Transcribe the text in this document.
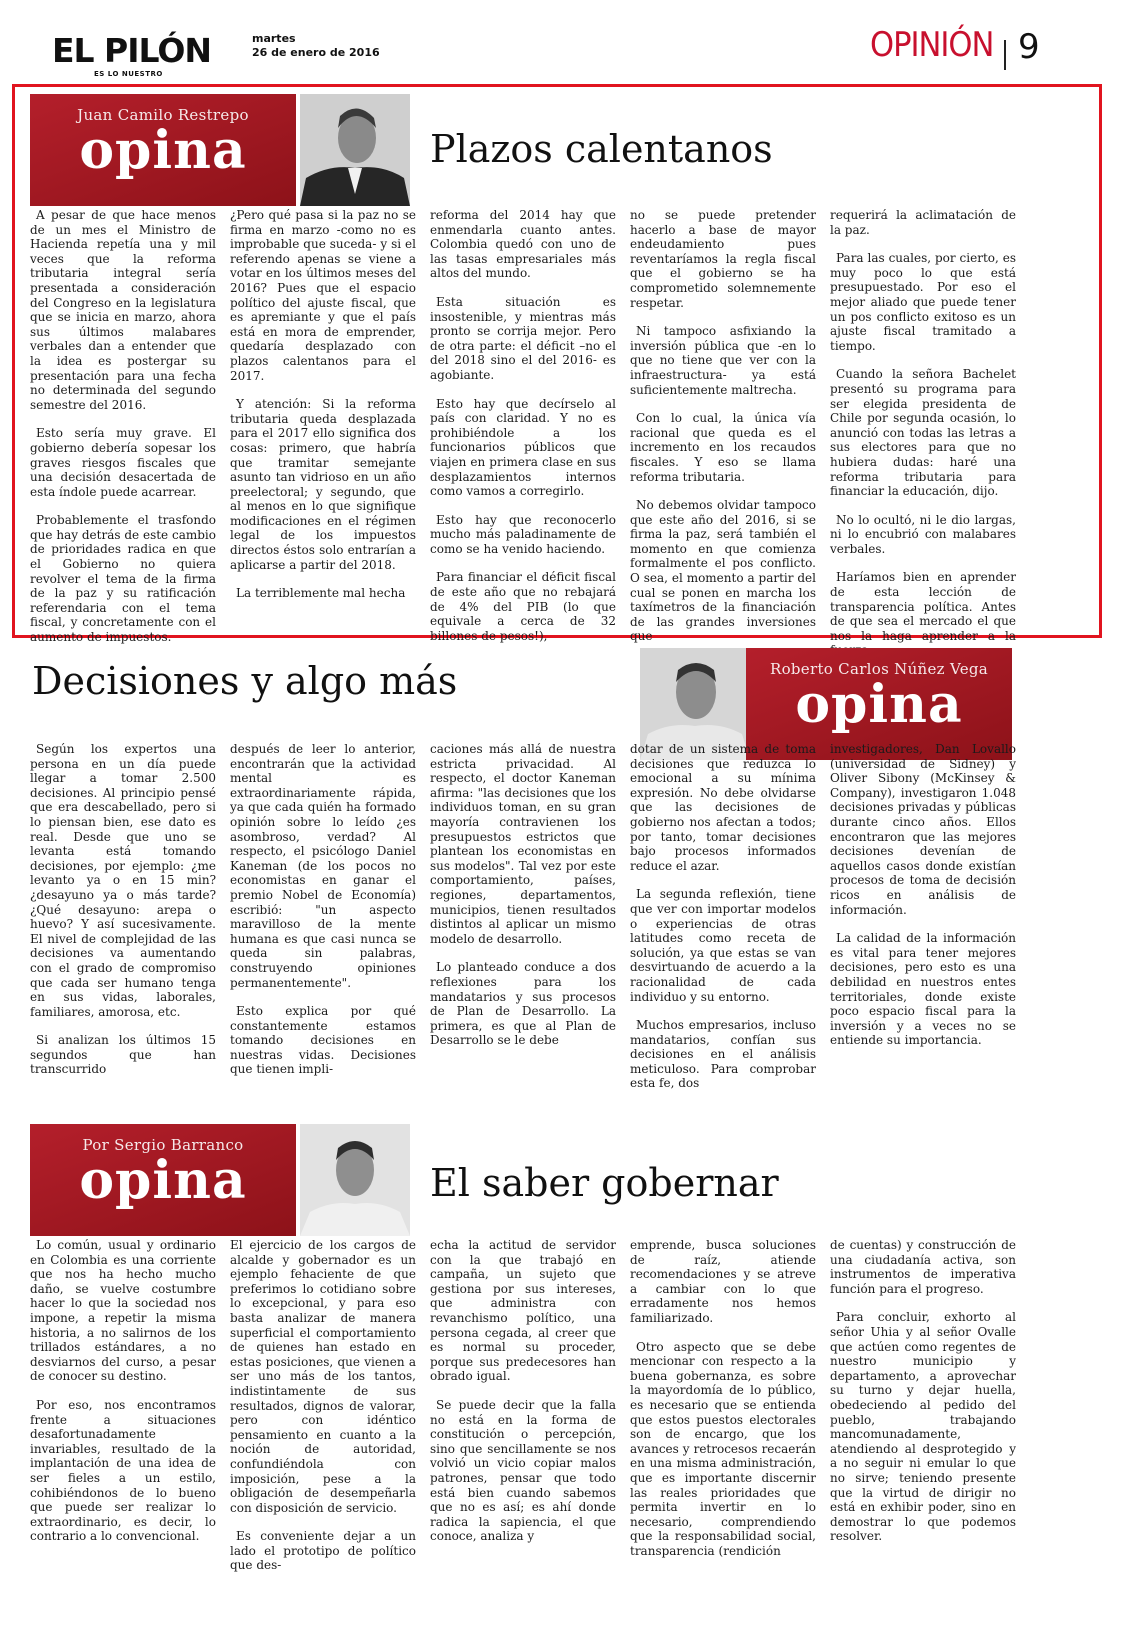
EL PILÓN
ES LO NUESTRO
martes
26 de enero de 2016	OPINIÓN 9
Juan Camilo Restrepo
opina	Plazos calentanos

A pesar de que hace menos de un mes el Ministro de Hacienda repetía una y mil veces que la reforma tributaria integral sería presentada a consideración del Congreso en la legislatura que se inicia en marzo, ahora sus últimos malabares verbales dan a entender que la idea es postergar su presentación para una fecha no determinada del segundo semestre del 2016.

Esto sería muy grave. El gobierno debería sopesar los graves riesgos fiscales que una decisión desacertada de esta índole puede acarrear.

Probablemente el trasfondo que hay detrás de este cambio de prioridades radica en que el Gobierno no quiera revolver el tema de la firma de la paz y su ratificación referendaria con el tema fiscal, y concretamente con el aumento de impuestos.

¿Pero qué pasa si la paz no se firma en marzo -como no es improbable que suceda- y si el referendo apenas se viene a votar en los últimos meses del 2016? Pues que el espacio político del ajuste fiscal, que es apremiante y que el país está en mora de emprender, quedaría desplazado con plazos calentanos para el 2017.

Y atención: Si la reforma tributaria queda desplazada para el 2017 ello significa dos cosas: primero, que habría que tramitar semejante asunto tan vidrioso en un año preelectoral; y segundo, que al menos en lo que signifique modificaciones en el régimen legal de los impuestos directos éstos solo entrarían a aplicarse a partir del 2018.

La terriblemente mal hecha

reforma del 2014 hay que enmendarla cuanto antes. Colombia quedó con uno de las tasas empresariales más altos del mundo.

Esta situación es insostenible, y mientras más pronto se corrija mejor. Pero de otra parte: el déficit –no el del 2018 sino el del 2016- es agobiante.

Esto hay que decírselo al país con claridad. Y no es prohibiéndole a los funcionarios públicos que viajen en primera clase en sus desplazamientos internos como vamos a corregirlo.

Esto hay que reconocerlo mucho más paladinamente de como se ha venido haciendo.

Para financiar el déficit fiscal de este año que no rebajará de 4% del PIB (lo que equivale a cerca de 32 billones de pesos!),

no se puede pretender hacerlo a base de mayor endeudamiento pues reventaríamos la regla fiscal que el gobierno se ha comprometido solemnemente respetar.

Ni tampoco asfixiando la inversión pública que -en lo que no tiene que ver con la infraestructura- ya está suficientemente maltrecha.

Con lo cual, la única vía racional que queda es el incremento en los recaudos fiscales. Y eso se llama reforma tributaria.

No debemos olvidar tampoco que este año del 2016, si se firma la paz, será también el momento en que comienza formalmente el pos conflicto. O sea, el momento a partir del cual se ponen en marcha los taxímetros de la financiación de las grandes inversiones que

requerirá la aclimatación de la paz.

Para las cuales, por cierto, es muy poco lo que está presupuestado. Por eso el mejor aliado que puede tener un pos conflicto exitoso es un ajuste fiscal tramitado a tiempo.

Cuando la señora Bachelet presentó su programa para ser elegida presidenta de Chile por segunda ocasión, lo anunció con todas las letras a sus electores para que no hubiera dudas: haré una reforma tributaria para financiar la educación, dijo.

No lo ocultó, ni le dio largas, ni lo encubrió con malabares verbales.

Haríamos bien en aprender de esta lección de transparencia política. Antes de que sea el mercado el que nos la haga aprender a la

Roberto Carlos Núñez Vega
opina
Decisiones y algo más

Según los expertos una persona en un día puede llegar a tomar 2.500 decisiones. Al principio pensé que era descabellado, pero si lo piensan bien, ese dato es real. Desde que uno se levanta está tomando decisiones, por ejemplo: ¿me levanto ya o en 15 min? ¿desayuno ya o más tarde? ¿Qué desayuno: arepa o huevo? Y así sucesivamente. El nivel de complejidad de las decisiones va aumentando con el grado de compromiso que cada ser humano tenga en sus vidas, laborales, familiares, amorosa, etc.

Si analizan los últimos 15 segundos que han transcurrido

después de leer lo anterior, encontrarán que la actividad mental es extraordinariamente rápida, ya que cada quién ha formado opinión sobre lo leído ¿es asombroso, verdad? Al respecto, el psicólogo Daniel Kaneman (de los pocos no economistas en ganar el premio Nobel de Economía) escribió: "un aspecto maravilloso de la mente humana es que casi nunca se queda sin palabras, construyendo opiniones permanentemente".

Esto explica por qué constantemente estamos tomando decisiones en nuestras vidas. Decisiones que tienen impli-

caciones más allá de nuestra estricta privacidad. Al respecto, el doctor Kaneman afirma: "las decisiones que los individuos toman, en su gran mayoría contravienen los presupuestos estrictos que plantean los economistas en sus modelos". Tal vez por este comportamiento, países, regiones, departamentos, municipios, tienen resultados distintos al aplicar un mismo modelo de desarrollo.

Lo planteado conduce a dos reflexiones para los mandatarios y sus procesos de Plan de Desarrollo. La primera, es que al Plan de Desarrollo se le debe

dotar de un sistema de toma decisiones que reduzca lo emocional a su mínima expresión. No debe olvidarse que las decisiones de gobierno nos afectan a todos; por tanto, tomar decisiones bajo procesos informados reduce el azar.

La segunda reflexión, tiene que ver con importar modelos o experiencias de otras latitudes como receta de solución, ya que estas se van desvirtuando de acuerdo a la racionalidad de cada individuo y su entorno.

Muchos empresarios, incluso mandatarios, confían sus decisiones en el análisis meticuloso. Para comprobar esta fe, dos

investigadores, Dan Lovallo (universidad de Sidney) y Oliver Sibony (McKinsey & Company), investigaron 1.048 decisiones privadas y públicas durante cinco años. Ellos encontraron que las mejores decisiones devenían de aquellos casos donde existían procesos de toma de decisión ricos en análisis de información.

La calidad de la información es vital para tener mejores decisiones, pero esto es una debilidad en nuestros entes territoriales, donde existe poco espacio fiscal para la inversión y a veces no se entiende su importancia.

Por Sergio Barranco
opina	El saber gobernar

Lo común, usual y ordinario en Colombia es una corriente que nos ha hecho mucho daño, se vuelve costumbre hacer lo que la sociedad nos impone, a repetir la misma historia, a no salirnos de los trillados estándares, a no desviarnos del curso, a pesar de conocer su destino.

Por eso, nos encontramos frente a situaciones desafortunadamente invariables, resultado de la implantación de una idea de ser fieles a un estilo, cohibiéndonos de lo bueno que puede ser realizar lo extraordinario, es decir, lo contrario a lo convencional.

El ejercicio de los cargos de alcalde y gobernador es un ejemplo fehaciente de que preferimos lo cotidiano sobre lo excepcional, y para eso basta analizar de manera superficial el comportamiento de quienes han estado en estas posiciones, que vienen a ser uno más de los tantos, indistintamente de sus resultados, dignos de valorar, pero con idéntico pensamiento en cuanto a la noción de autoridad, confundiéndola con imposición, pese a la obligación de desempeñarla con disposición de servicio.

Es conveniente dejar a un lado el prototipo de político que des-

echa la actitud de servidor con la que trabajó en campaña, un sujeto que gestiona por sus intereses, que administra con revanchismo político, una persona cegada, al creer que es normal su proceder, porque sus predecesores han obrado igual.

Se puede decir que la falla no está en la forma de constitución o percepción, sino que sencillamente se nos volvió un vicio copiar malos patrones, pensar que todo está bien cuando sabemos que no es así; es ahí donde radica la sapiencia, el que conoce, analiza y

emprende, busca soluciones de raíz, atiende recomendaciones y se atreve a cambiar con lo que erradamente nos hemos familiarizado.

Otro aspecto que se debe mencionar con respecto a la buena gobernanza, es sobre la mayordomía de lo público, es necesario que se entienda que estos puestos electorales son de encargo, que los avances y retrocesos recaerán en una misma administración, que es importante discernir las reales prioridades que permita invertir en lo necesario, comprendiendo que la responsabilidad social, transparencia (rendición

de cuentas) y construcción de una ciudadanía activa, son instrumentos de imperativa función para el progreso.

Para concluir, exhorto al señor Uhia y al señor Ovalle que actúen como regentes de nuestro municipio y departamento, a aprovechar su turno y dejar huella, obedeciendo al pedido del pueblo, trabajando mancomunadamente, atendiendo al desprotegido y a no seguir ni emular lo que no sirve; teniendo presente que la virtud de dirigir no está en exhibir poder, sino en demostrar lo que podemos resolver.
